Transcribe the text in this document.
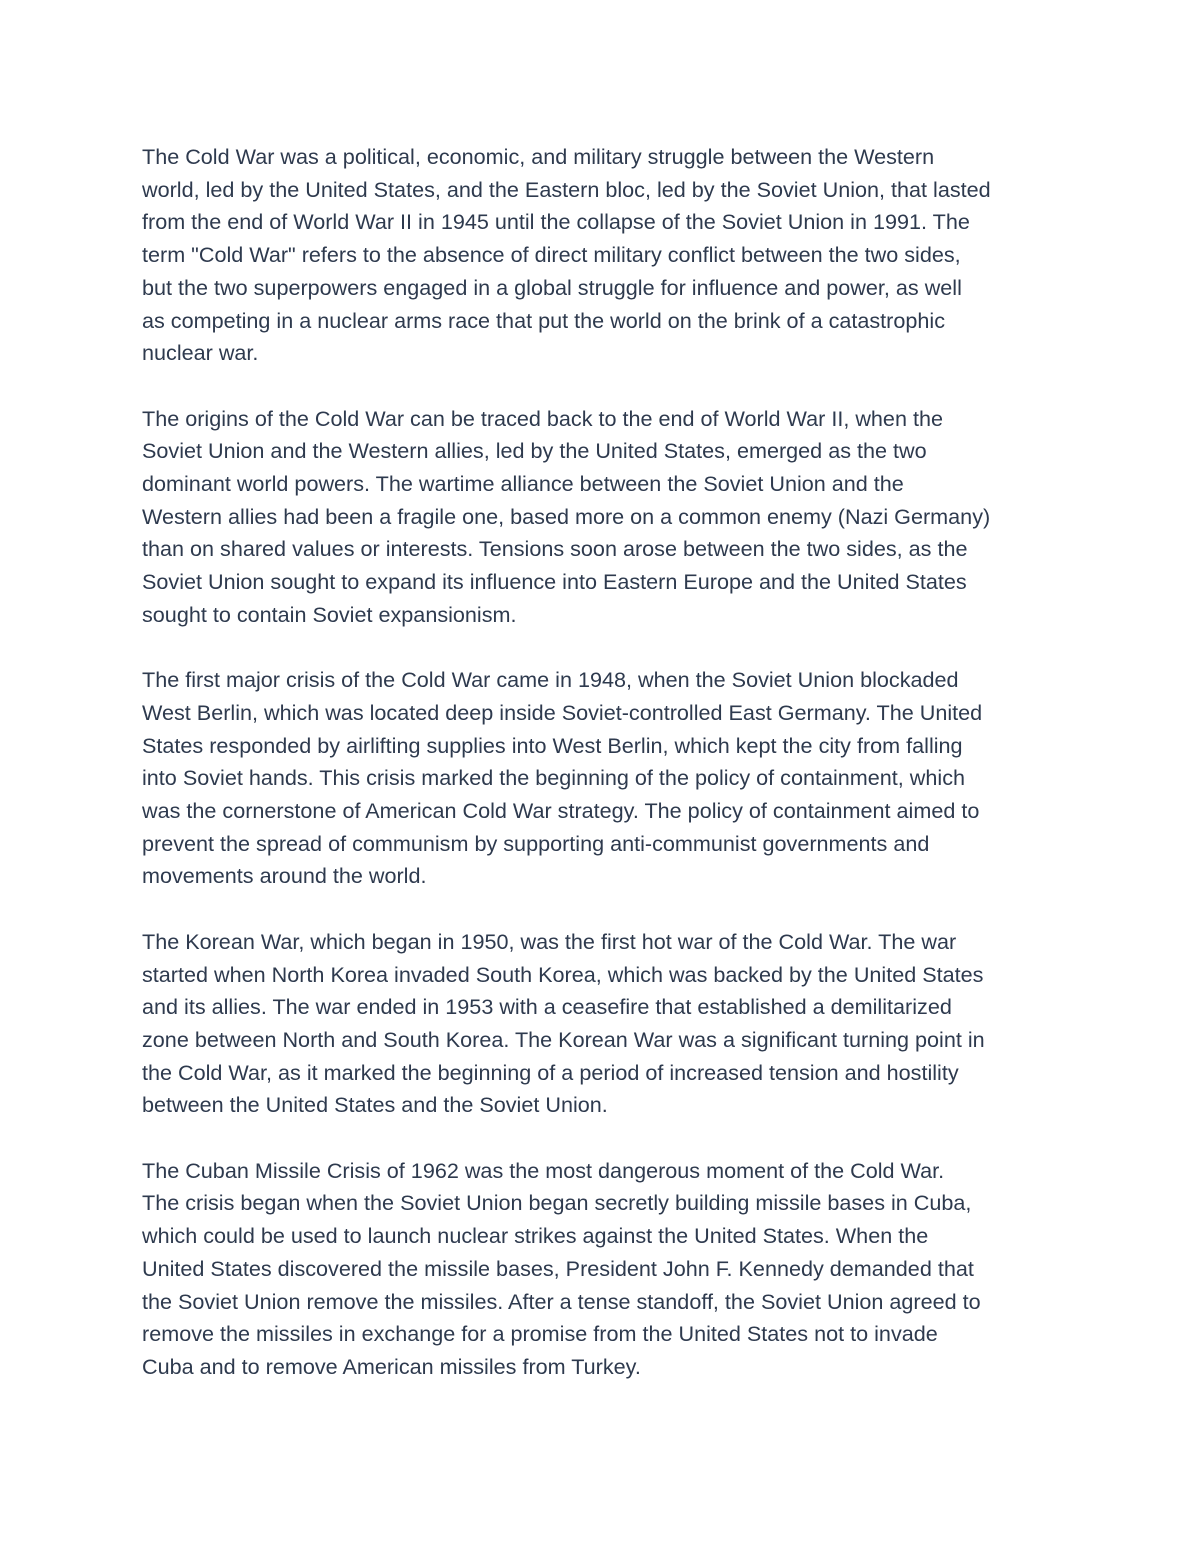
The Cold War was a political, economic, and military struggle between the Western
world, led by the United States, and the Eastern bloc, led by the Soviet Union, that lasted
from the end of World War II in 1945 until the collapse of the Soviet Union in 1991. The
term "Cold War" refers to the absence of direct military conflict between the two sides,
but the two superpowers engaged in a global struggle for influence and power, as well
as competing in a nuclear arms race that put the world on the brink of a catastrophic
nuclear war.

The origins of the Cold War can be traced back to the end of World War II, when the
Soviet Union and the Western allies, led by the United States, emerged as the two
dominant world powers. The wartime alliance between the Soviet Union and the
Western allies had been a fragile one, based more on a common enemy (Nazi Germany)
than on shared values or interests. Tensions soon arose between the two sides, as the
Soviet Union sought to expand its influence into Eastern Europe and the United States
sought to contain Soviet expansionism.

The first major crisis of the Cold War came in 1948, when the Soviet Union blockaded
West Berlin, which was located deep inside Soviet-controlled East Germany. The United
States responded by airlifting supplies into West Berlin, which kept the city from falling
into Soviet hands. This crisis marked the beginning of the policy of containment, which
was the cornerstone of American Cold War strategy. The policy of containment aimed to
prevent the spread of communism by supporting anti-communist governments and
movements around the world.

The Korean War, which began in 1950, was the first hot war of the Cold War. The war
started when North Korea invaded South Korea, which was backed by the United States
and its allies. The war ended in 1953 with a ceasefire that established a demilitarized
zone between North and South Korea. The Korean War was a significant turning point in
the Cold War, as it marked the beginning of a period of increased tension and hostility
between the United States and the Soviet Union.

The Cuban Missile Crisis of 1962 was the most dangerous moment of the Cold War.
The crisis began when the Soviet Union began secretly building missile bases in Cuba,
which could be used to launch nuclear strikes against the United States. When the
United States discovered the missile bases, President John F. Kennedy demanded that
the Soviet Union remove the missiles. After a tense standoff, the Soviet Union agreed to
remove the missiles in exchange for a promise from the United States not to invade
Cuba and to remove American missiles from Turkey.
